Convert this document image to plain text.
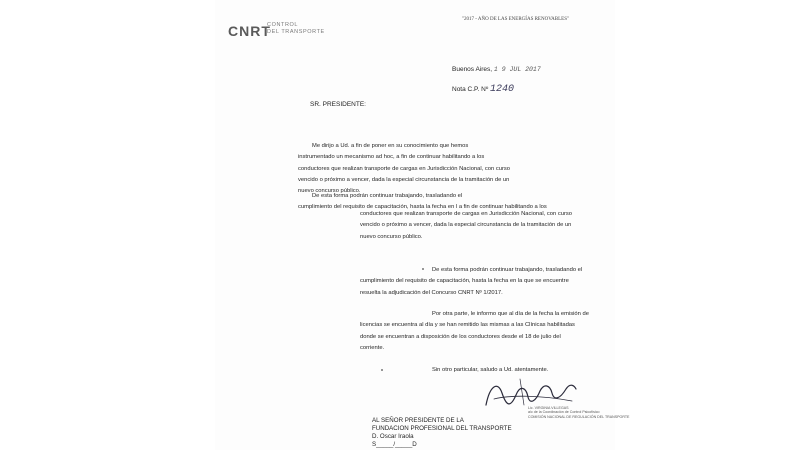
CNRT
CONTROL
DEL TRANSPORTE
"2017 - AÑO DE LAS ENERGÍAS RENOVABLES"
Buenos Aires, 1 9 JUL 2017
Nota C.P. Nº 1240
SR. PRESIDENTE:
Me dirijo a Ud. a fin de poner en su conocimiento que hemos
instrumentado un mecanismo ad hoc, a fin de continuar habilitando a los
conductores que realizan transporte de cargas en Jurisdicción Nacional, con curso
vencido o próximo a vencer, dada la especial circunstancia de la tramitación de un
nuevo concurso público.
De esta forma podrán continuar trabajando, trasladando el
cumplimiento del requisito de capacitación, hasta la fecha en l a fin de continuar habilitando a los
conductores que realizan transporte de cargas en Jurisdicción Nacional, con curso
vencido o próximo a vencer, dada la especial circunstancia de la tramitación de un
nuevo concurso público.
De esta forma podrán continuar trabajando, trasladando el
cumplimiento del requisito de capacitación, hasta la fecha en la que se encuentre
resuelta la adjudicación del Concurso CNRT Nº 1/2017.
Por otra parte, le informo que al día de la fecha la emisión de
licencias se encuentra al día y se han remitido las mismas a las Clínicas habilitadas
donde se encuentran a disposición de los conductores desde el 18 de julio del
corriente.
Sin otro particular, saludo a Ud. atentamente.
Lic. VIRGINIA VILLEGAS
a/c de la Coordinación de Control Psicofísico
COMISIÓN NACIONAL DE REGULACIÓN DEL TRANSPORTE
AL SEÑOR PRESIDENTE DE LA
FUNDACION PROFESIONAL DEL TRANSPORTE
D. Oscar Iraola
S_____/_____D
